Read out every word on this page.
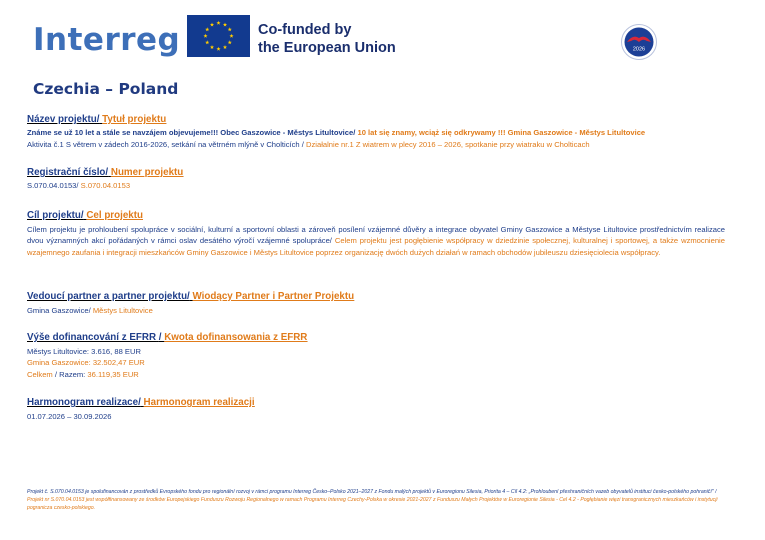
Interreg	Co-funded by
the European Union	2026
Czechia – Poland
Název projektu/ Tytuł projektu
Známe se už 10 let a stále se navzájem objevujeme!!! Obec Gaszowice - Městys Litultovice/ 10 lat się znamy, wciąż się odkrywamy !!! Gmina Gaszowice - Městys Litultovice
Aktivita č.1 S větrem v zádech 2016-2026, setkání na větrném mlýně v Cholticích / Działalnie nr.1 Z wiatrem w plecy 2016 – 2026, spotkanie przy wiatraku w Cholticach
Registrační číslo/ Numer projektu
S.070.04.0153/ S.070.04.0153
Cíl projektu/ Cel projektu
Cílem projektu je prohloubení spolupráce v sociální, kulturní a sportovní oblasti a zároveň posílení vzájemné důvěry a integrace obyvatel Gminy Gaszowice a Městyse Litultovice prostřednictvím realizace dvou významných akcí pořádaných v rámci oslav desátého výročí vzájemné spolupráce/ Celem projektu jest pogłębienie współpracy w dziedzinie społecznej, kulturalnej i sportowej, a także wzmocnienie wzajemnego zaufania i integracji mieszkańców Gminy Gaszowice i Městys Litultovice poprzez organizację dwóch dużych działań w ramach obchodów jubileuszu dziesięciolecia współpracy.
Vedoucí partner a partner projektu/ Wiodący Partner i Partner Projektu
Gmina Gaszowice/ Městys Litultovice
Výše dofinancování z EFRR / Kwota dofinansowania z EFRR
Městys Litultovice: 3.616, 88 EUR
Gmina Gaszowice: 32.502,47 EUR
Celkem / Razem: 36.119,35 EUR
Harmonogram realizace/ Harmonogram realizacji
01.07.2026 – 30.09.2026
Projekt č. S.070.04.0153 je spolufinancován z prostředků Evropského fondu pro regionální rozvoj v rámci programu Interreg Česko–Polsko 2021–2027 z Fondu malých projektů v Euroregionu Silesia, Priorita 4 – Cíl 4.2: „Prohloubení přeshraničních vazeb obyvatelů instituci česko-polského pohraničí" / Projekt nr S.070.04.0153 jest współfinansowany ze środków Europejskiego Funduszu Rozwoju Regionalnego w ramach Programu Interreg Czechy-Polska w okresie 2021-2027 z Funduszu Małych Projektów w Euroregionie Silesia - Cel 4.2 - Pogłębianie więzi transgranicznych mieszkańców i instytucji pogranicza czesko-polskiego.
